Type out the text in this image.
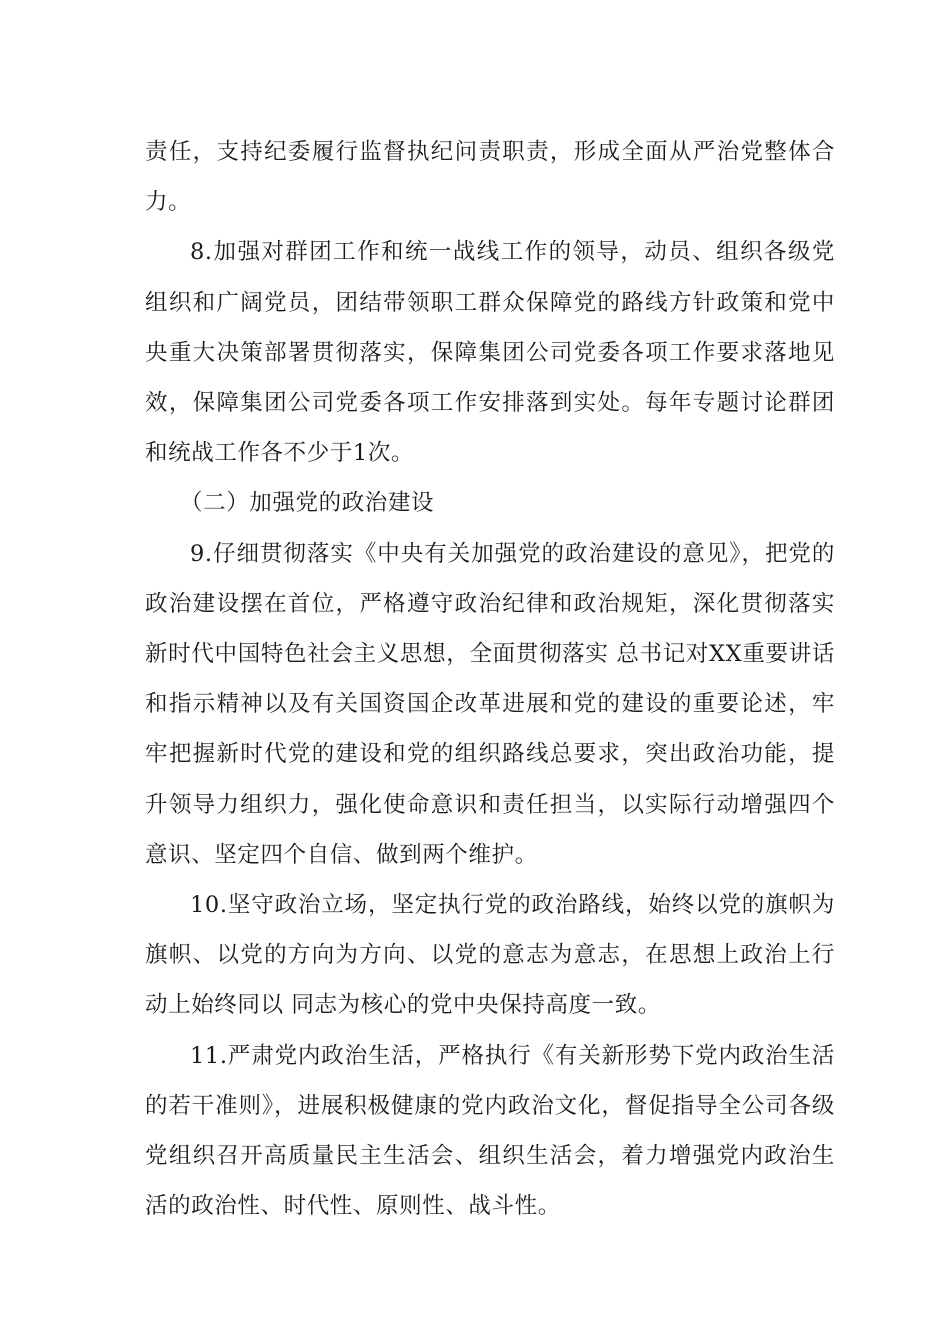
责任，支持纪委履行监督执纪问责职责，形成全面从严治党整体合力。

8.加强对群团工作和统一战线工作的领导，动员、组织各级党组织和广阔党员，团结带领职工群众保障党的路线方针政策和党中央重大决策部署贯彻落实，保障集团公司党委各项工作要求落地见效，保障集团公司党委各项工作安排落到实处。每年专题讨论群团和统战工作各不少于1次。

（二）加强党的政治建设

9.仔细贯彻落实《中央有关加强党的政治建设的意见》，把党的政治建设摆在首位，严格遵守政治纪律和政治规矩，深化贯彻落实 新时代中国特色社会主义思想，全面贯彻落实 总书记对XX重要讲话和指示精神以及有关国资国企改革进展和党的建设的重要论述，牢牢把握新时代党的建设和党的组织路线总要求，突出政治功能，提升领导力组织力，强化使命意识和责任担当，以实际行动增强四个意识、坚定四个自信、做到两个维护。

10.坚守政治立场，坚定执行党的政治路线，始终以党的旗帜为旗帜、以党的方向为方向、以党的意志为意志，在思想上政治上行动上始终同以 同志为核心的党中央保持高度一致。

11.严肃党内政治生活，严格执行《有关新形势下党内政治生活的若干准则》，进展积极健康的党内政治文化，督促指导全公司各级党组织召开高质量民主生活会、组织生活会，着力增强党内政治生活的政治性、时代性、原则性、战斗性。
